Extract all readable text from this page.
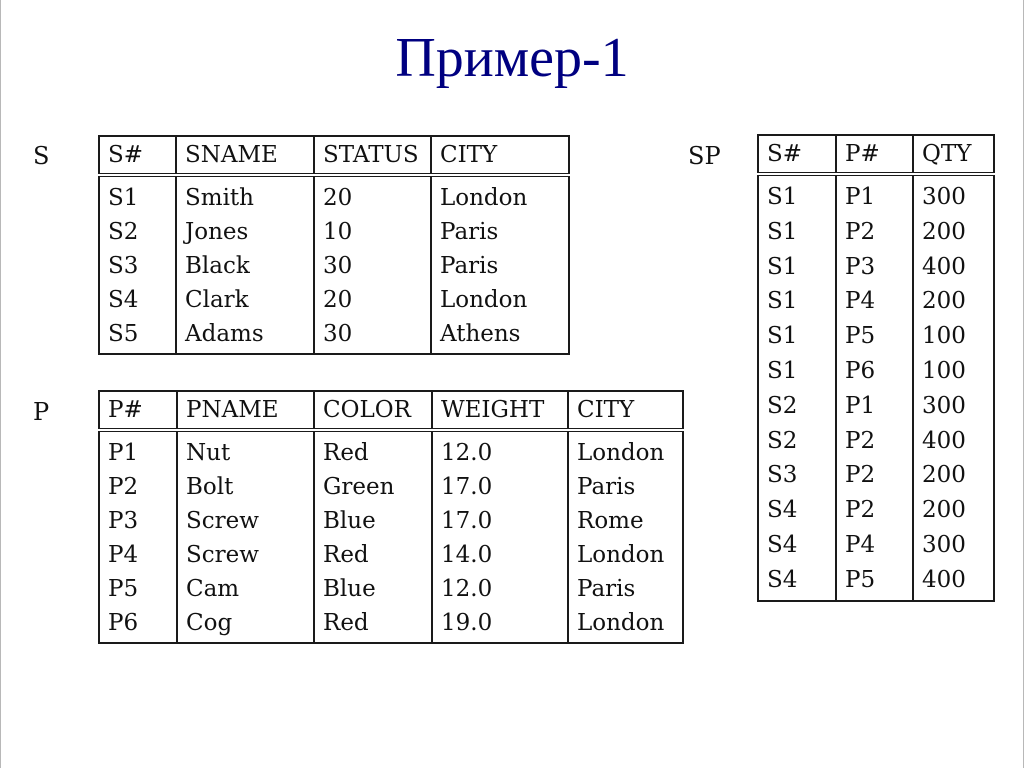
Пример-1
S	S#	SNAME	STATUS	CITY
S1	Smith	20	London
S2	Jones	10	Paris
S3	Black	30	Paris
S4	Clark	20	London
S5	Adams	30	Athens
P	P#	PNAME	COLOR	WEIGHT	CITY
P1	Nut	Red	12.0	London
P2	Bolt	Green	17.0	Paris
P3	Screw	Blue	17.0	Rome
P4	Screw	Red	14.0	London
P5	Cam	Blue	12.0	Paris
P6	Cog	Red	19.0	London
SP S#	P#	QTY
S1	P1	300
S1	P2	200
S1	P3	400
S1	P4	200
S1	P5	100
S1	P6	100
S2	P1	300
S2	P2	400
S3	P2	200
S4	P2	200
S4	P4	300
S4	P5	400
